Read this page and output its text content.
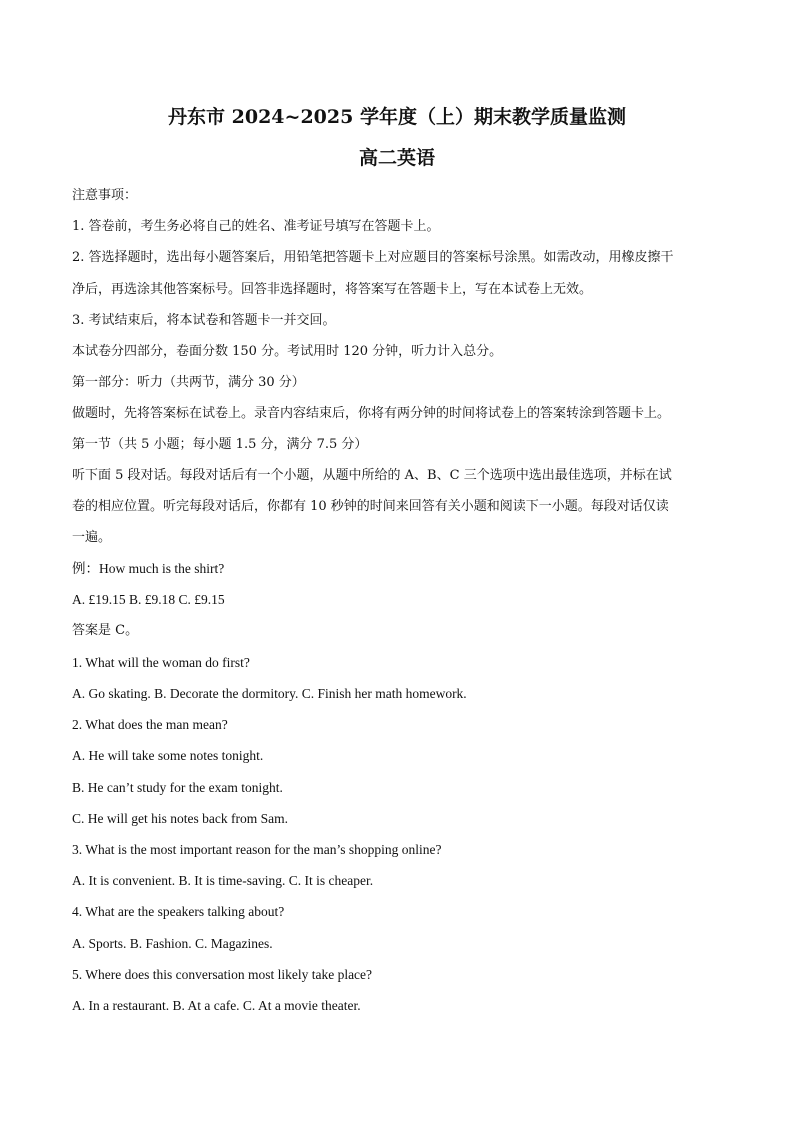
丹东市 2024~2025 学年度（上）期末教学质量监测
高二英语
注意事项：
1. 答卷前，考生务必将自己的姓名、准考证号填写在答题卡上。
2. 答选择题时，选出每小题答案后，用铅笔把答题卡上对应题目的答案标号涂黑。如需改动，用橡皮擦干
净后，再选涂其他答案标号。回答非选择题时，将答案写在答题卡上，写在本试卷上无效。
3. 考试结束后，将本试卷和答题卡一并交回。
本试卷分四部分，卷面分数 150 分。考试用时 120 分钟，听力计入总分。
第一部分：听力（共两节，满分 30 分）
做题时，先将答案标在试卷上。录音内容结束后，你将有两分钟的时间将试卷上的答案转涂到答题卡上。
第一节（共 5 小题；每小题 1.5 分，满分 7.5 分）
听下面 5 段对话。每段对话后有一个小题，从题中所给的 A、B、C 三个选项中选出最佳选项，并标在试
卷的相应位置。听完每段对话后，你都有 10 秒钟的时间来回答有关小题和阅读下一小题。每段对话仅读
一遍。
例：How much is the shirt?
A. £19.15 B. £9.18 C. £9.15
答案是 C。
1. What will the woman do first?
A. Go skating. B. Decorate the dormitory. C. Finish her math homework.
2. What does the man mean?
A. He will take some notes tonight.
B. He can’t study for the exam tonight.
C. He will get his notes back from Sam.
3. What is the most important reason for the man’s shopping online?
A. It is convenient. B. It is time-saving. C. It is cheaper.
4. What are the speakers talking about?
A. Sports. B. Fashion. C. Magazines.
5. Where does this conversation most likely take place?
A. In a restaurant. B. At a cafe. C. At a movie theater.
